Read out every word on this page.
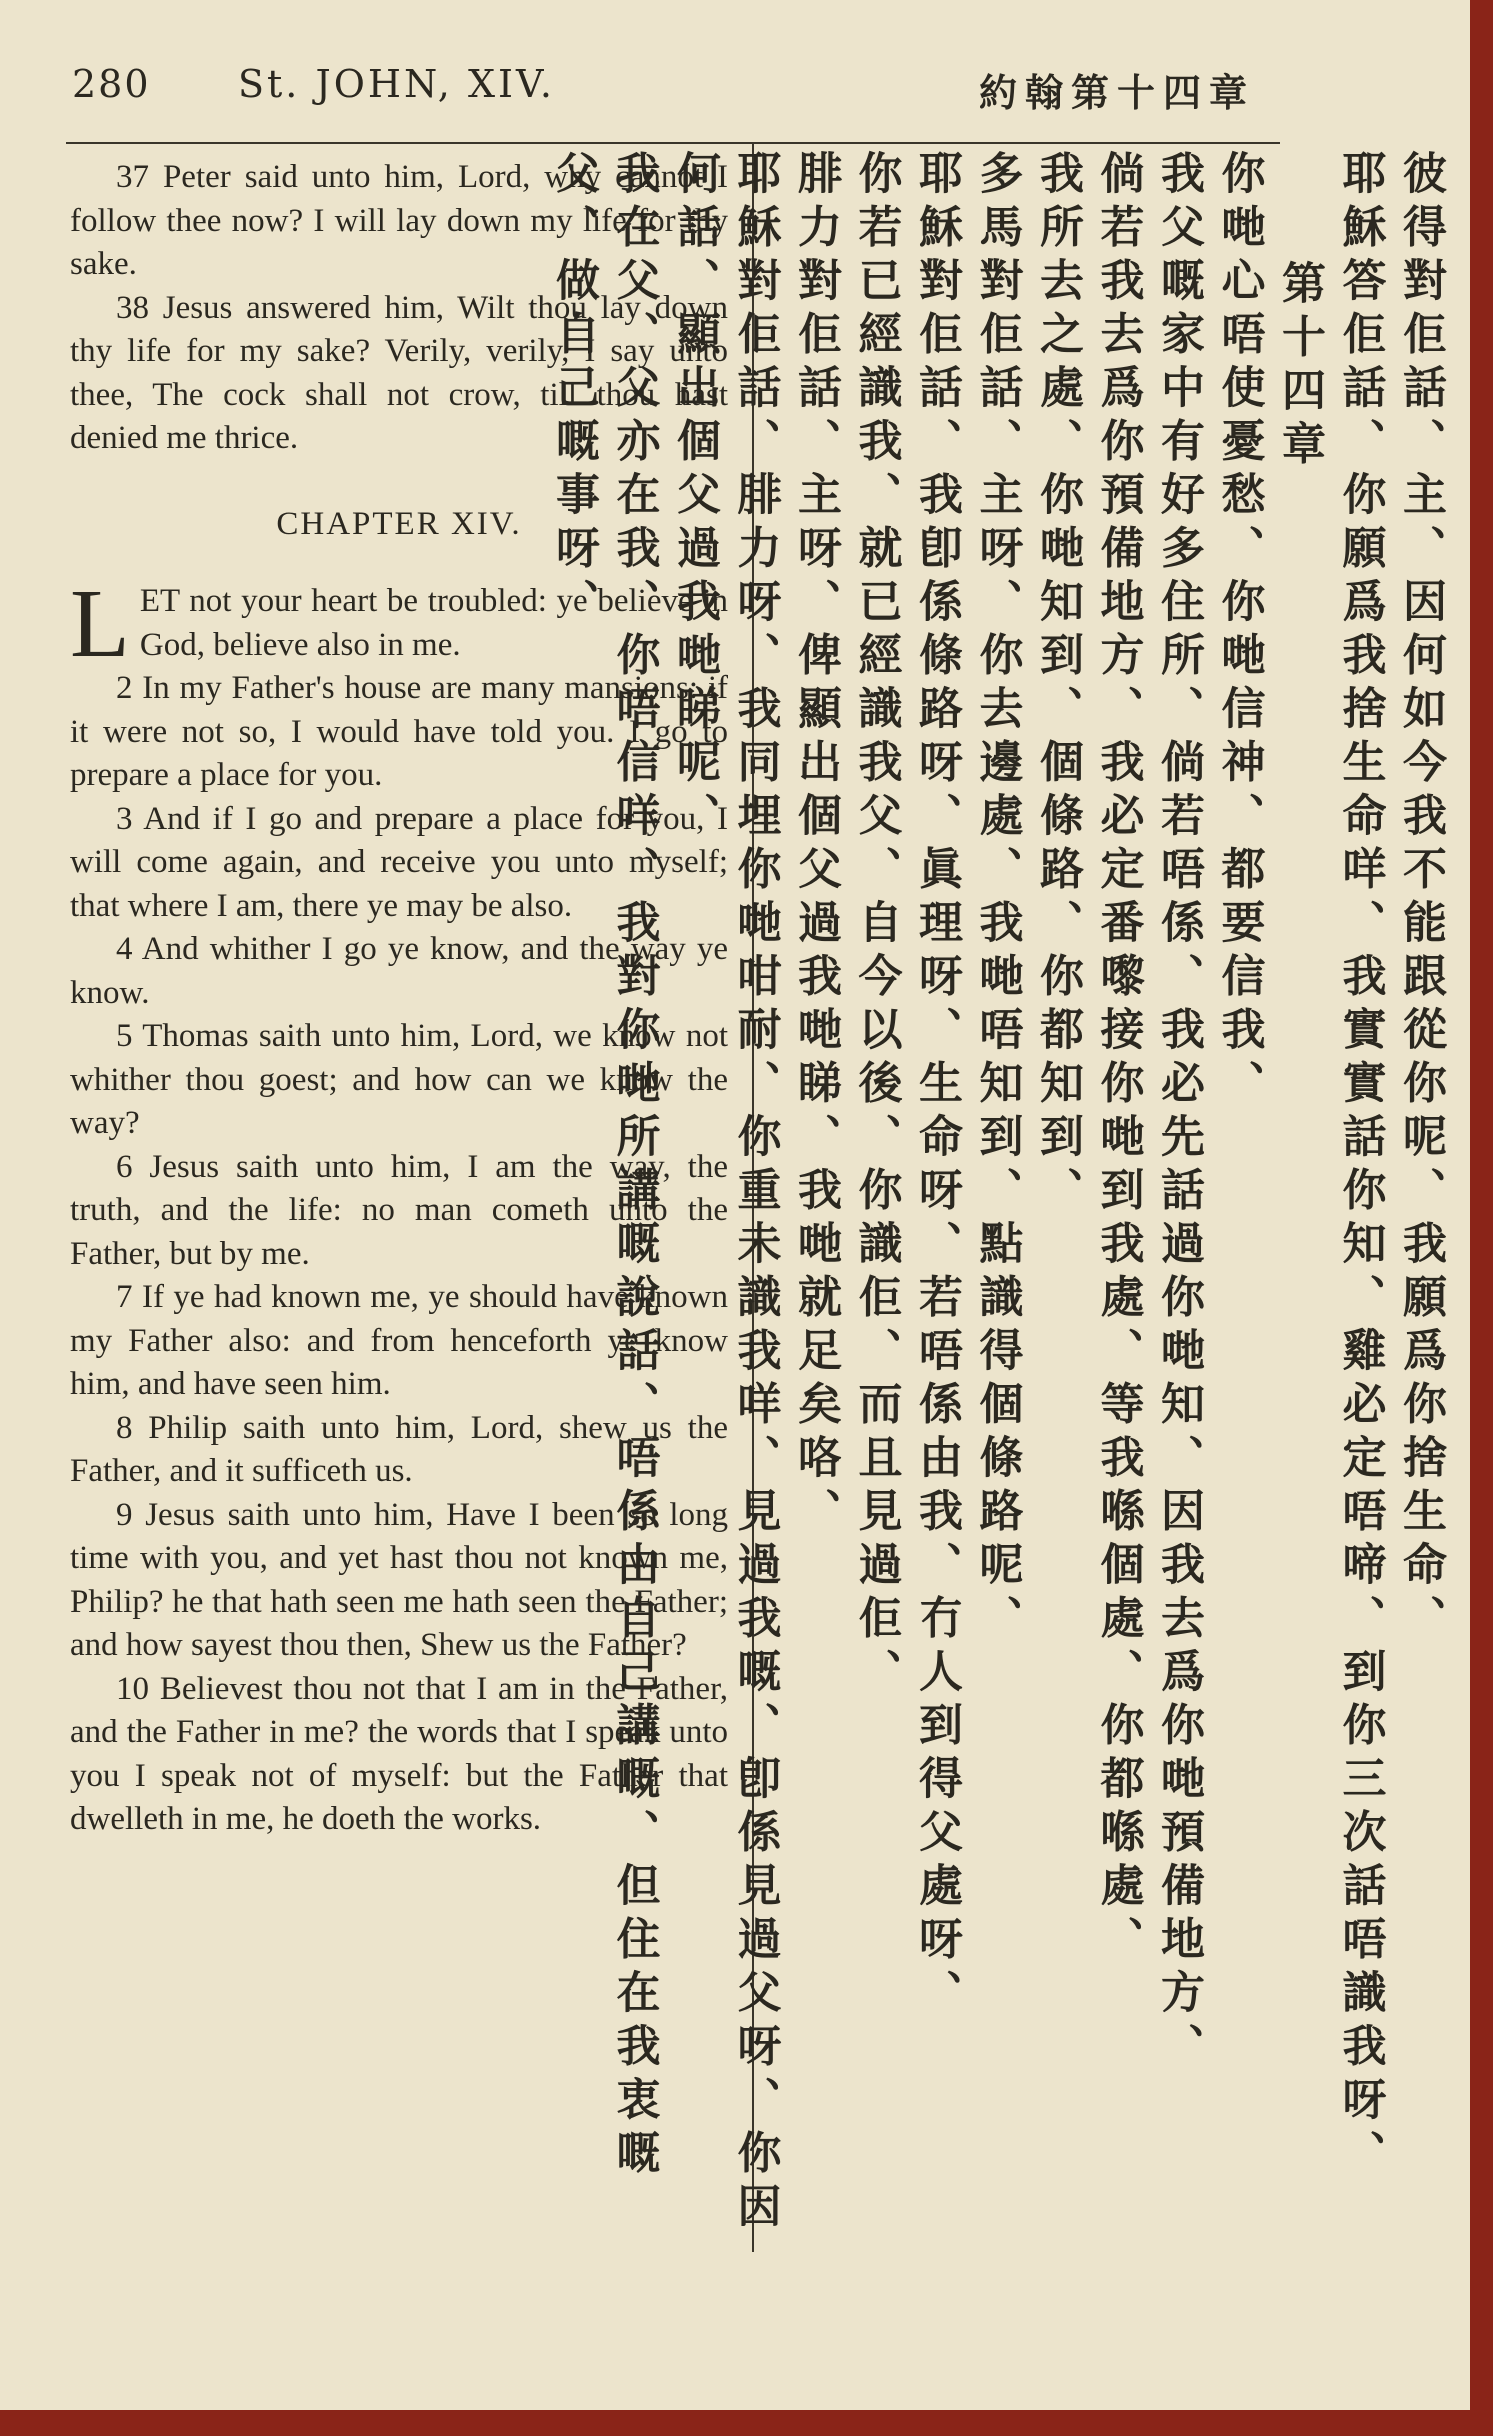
280 St. JOHN, XIV.	約翰第十四章

37 Peter said unto him, Lord, why cannot I follow thee now? I will lay down my life for thy sake.

38 Jesus answered him, Wilt thou lay down thy life for my sake? Verily, verily, I say unto thee, The cock shall not crow, till thou hast denied me thrice.

CHAPTER XIV.

LET not your heart be troubled: ye believe in God, believe also in me.

2 In my Father's house are many mansions: if it were not so, I would have told you. I go to prepare a place for you.

3 And if I go and prepare a place for you, I will come again, and receive you unto myself; that where I am, there ye may be also.

4 And whither I go ye know, and the way ye know.

5 Thomas saith unto him, Lord, we know not whither thou goest; and how can we know the way?

6 Jesus saith unto him, I am the way, the truth, and the life: no man cometh unto the Father, but by me.

7 If ye had known me, ye should have known my Father also: and from henceforth ye know him, and have seen him.

8 Philip saith unto him, Lord, shew us the Father, and it sufficeth us.

9 Jesus saith unto him, Have I been so long time with you, and yet hast thou not known me, Philip? he that hath seen me hath seen the Father; and how sayest thou then, Shew us the Father?

10 Believest thou not that I am in the Father, and the Father in me? the words that I speak unto you I speak not of myself: but the Father that dwelleth in me, he doeth the works.

彼得對佢話、主、因何如今我不能跟從你呢、我願爲你捨生命、

耶穌答佢話、你願爲我捨生命咩、我實實話你知、雞必定唔啼、到你三次話唔識我呀、

第十四章

你哋心唔使憂愁、你哋信神、都要信我、

我父嘅家中有好多住所、倘若唔係、我必先話過你哋知、因我去爲你哋預備地方、

倘若我去爲你預備地方、我必定番嚟接你哋到我處、等我喺個處、你都喺處、

我所去之處、你哋知到、個條路、你都知到、

多馬對佢話、主呀、你去邊處、我哋唔知到、點識得個條路呢、

耶穌對佢話、我卽係條路呀、眞理呀、生命呀、若唔係由我、冇人到得父處呀、

你若已經識我、就已經識我父、自今以後、你識佢、而且見過佢、

腓力對佢話、主呀、俾顯出個父過我哋睇、我哋就足矣咯、

耶穌對佢話、腓力呀、我同埋你哋咁耐、你重未識我咩、見過我嘅、卽係見過父呀、你因何話、顯出個父過我哋睇呢、

我在父、父亦在我、你唔信咩、我對你哋所講嘅說話、唔係由自己講嘅、但住在我衷嘅父、做自己嘅事呀、
